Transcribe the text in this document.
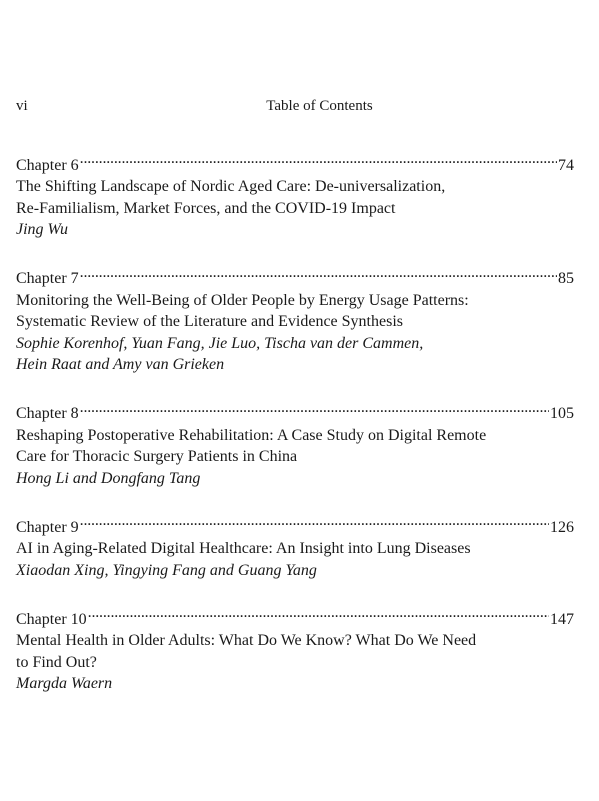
vi	Table of Contents
Chapter 6 . . .	74
The Shifting Landscape of Nordic Aged Care: De-universalization,
Re-Familialism, Market Forces, and the COVID-19 Impact
Jing Wu
Chapter 7 . . .	85
Monitoring the Well-Being of Older People by Energy Usage Patterns:
Systematic Review of the Literature and Evidence Synthesis
Sophie Korenhof, Yuan Fang, Jie Luo, Tischa van der Cammen,
Hein Raat and Amy van Grieken
Chapter 8 . . .	105
Reshaping Postoperative Rehabilitation: A Case Study on Digital Remote
Care for Thoracic Surgery Patients in China
Hong Li and Dongfang Tang
Chapter 9 . . .	126
AI in Aging-Related Digital Healthcare: An Insight into Lung Diseases
Xiaodan Xing, Yingying Fang and Guang Yang
Chapter 10 . . .	147
Mental Health in Older Adults: What Do We Know? What Do We Need
to Find Out?
Margda Waern
